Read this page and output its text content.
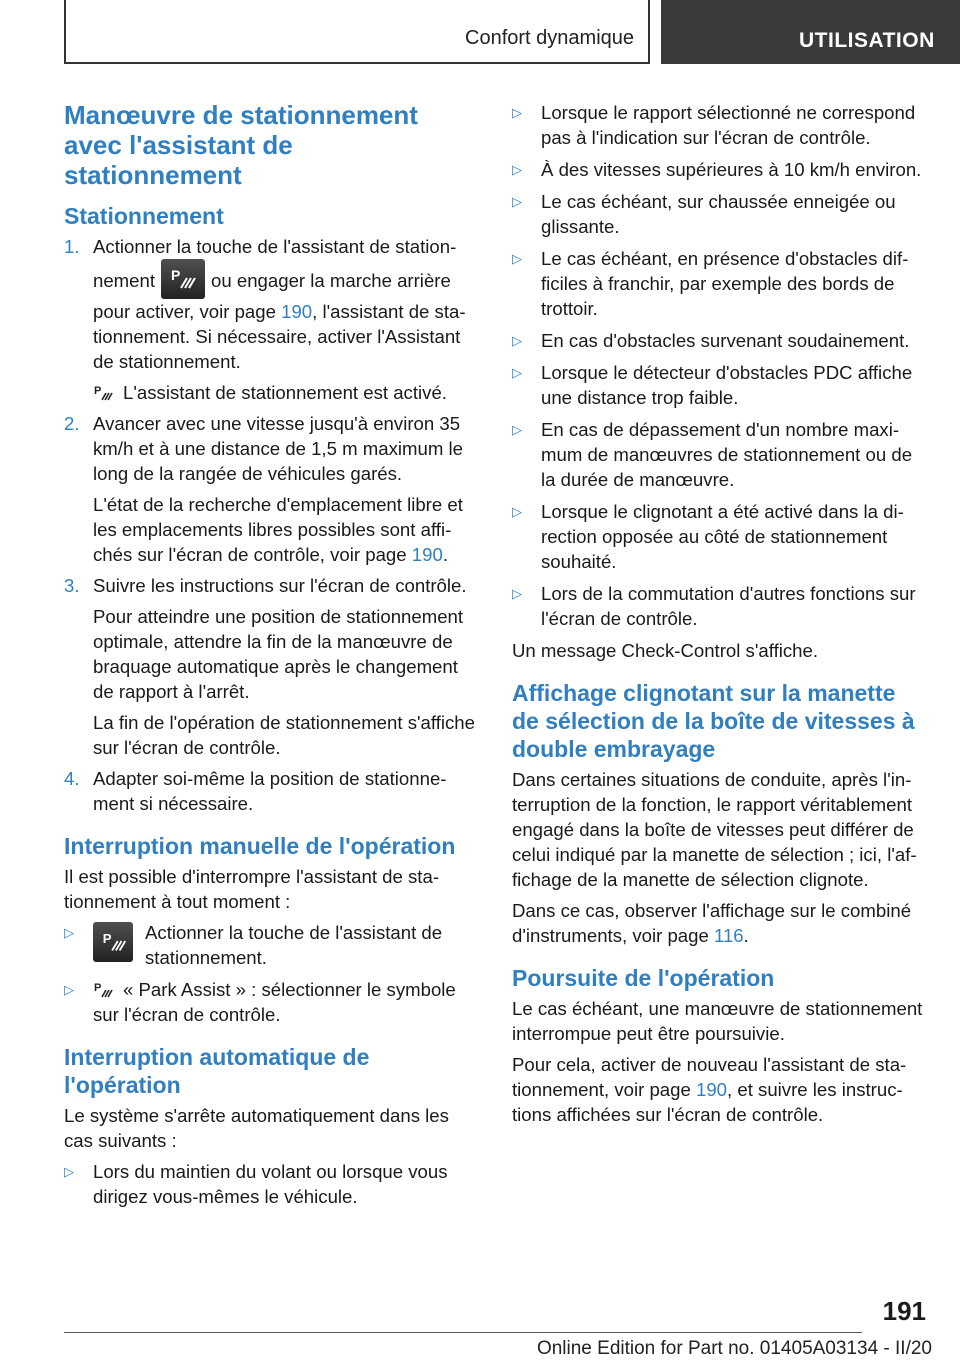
Confort dynamique	UTILISATION
Manœuvre de stationnement avec l'assistant de stationnement
Stationnement
1. Actionner la touche de l'assistant de stationnement P ou engager la marche arrière pour activer, voir page 190, l'assistant de stationnement. Si nécessaire, activer l'Assistant de stationnement.

P L'assistant de stationnement est activé.

2. Avancer avec une vitesse jusqu'à environ 35 km/h et à une distance de 1,5 m maximum le long de la rangée de véhicules garés.

L'état de la recherche d'emplacement libre et les emplacements libres possibles sont affichés sur l'écran de contrôle, voir page 190.

3. Suivre les instructions sur l'écran de contrôle.

Pour atteindre une position de stationnement optimale, attendre la fin de la manœuvre de braquage automatique après le changement de rapport à l'arrêt.

La fin de l'opération de stationnement s'affiche sur l'écran de contrôle.

4. Adapter soi-même la position de stationnement si nécessaire.

Interruption manuelle de l'opération

Il est possible d'interrompre l'assistant de stationnement à tout moment :

▷	P Actionner la touche de l'assistant de stationnement.
▷	P « Park Assist » : sélectionner le symbole sur l'écran de contrôle.
Interruption automatique de l'opération

Le système s'arrête automatiquement dans les cas suivants :

▷	Lors du maintien du volant ou lorsque vous dirigez vous-mêmes le véhicule.
▷	Lorsque le rapport sélectionné ne correspond pas à l'indication sur l'écran de contrôle.
▷	À des vitesses supérieures à 10 km/h environ.
▷	Le cas échéant, sur chaussée enneigée ou glissante.
▷	Le cas échéant, en présence d'obstacles difficiles à franchir, par exemple des bords de trottoir.
▷	En cas d'obstacles survenant soudainement.
▷	Lorsque le détecteur d'obstacles PDC affiche une distance trop faible.
▷	En cas de dépassement d'un nombre maximum de manœuvres de stationnement ou de la durée de manœuvre.
▷	Lorsque le clignotant a été activé dans la direction opposée au côté de stationnement souhaité.
▷	Lors de la commutation d'autres fonctions sur l'écran de contrôle.

Un message Check-Control s'affiche.

Affichage clignotant sur la manette de sélection de la boîte de vitesses à double embrayage

Dans certaines situations de conduite, après l'interruption de la fonction, le rapport véritablement engagé dans la boîte de vitesses peut différer de celui indiqué par la manette de sélection ; ici, l'affichage de la manette de sélection clignote.

Dans ce cas, observer l'affichage sur le combiné d'instruments, voir page 116.

Poursuite de l'opération

Le cas échéant, une manœuvre de stationnement interrompue peut être poursuivie.

Pour cela, activer de nouveau l'assistant de stationnement, voir page 190, et suivre les instructions affichées sur l'écran de contrôle.

191
Online Edition for Part no. 01405A03134 - II/20
